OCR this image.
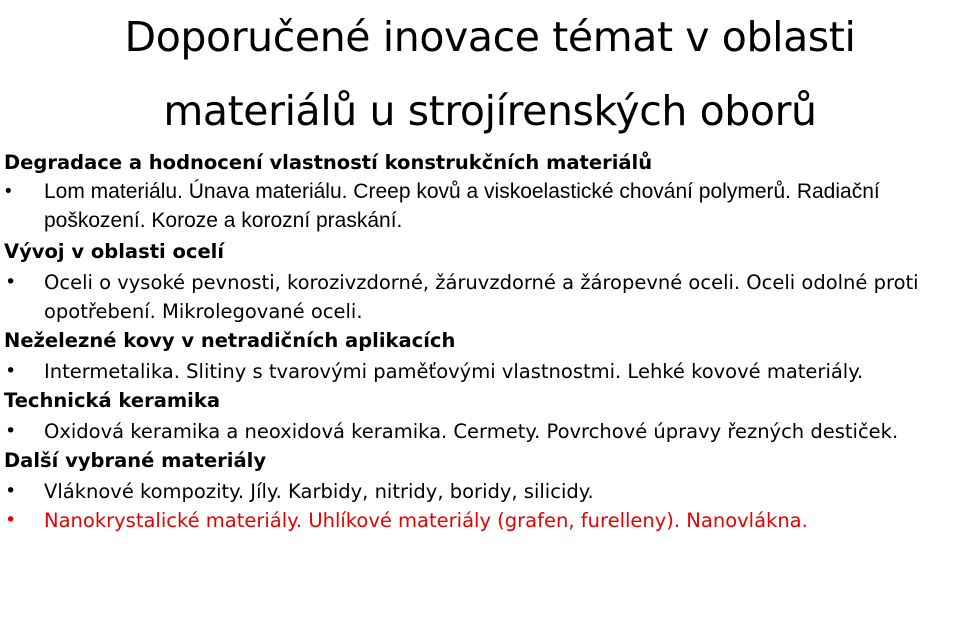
Doporučené inovace témat v oblasti
materiálů u strojírenských oborů
Degradace a hodnocení vlastností konstrukčních materiálů
• Lom materiálu. Únava materiálu. Creep kovů a viskoelastické chování polymerů. Radiační poškození. Koroze a korozní praskání.
Vývoj v oblasti ocelí
• Oceli o vysoké pevnosti, korozivzdorné, žáruvzdorné a žáropevné oceli. Oceli odolné proti opotřebení. Mikrolegované oceli.
Neželezné kovy v netradičních aplikacích
• Intermetalika. Slitiny s tvarovými paměťovými vlastnostmi. Lehké kovové materiály.
Technická keramika
• Oxidová keramika a neoxidová keramika. Cermety. Povrchové úpravy řezných destiček.
Další vybrané materiály
• Vláknové kompozity. Jíly. Karbidy, nitridy, boridy, silicidy.
• Nanokrystalické materiály. Uhlíkové materiály (grafen, furelleny). Nanovlákna.
